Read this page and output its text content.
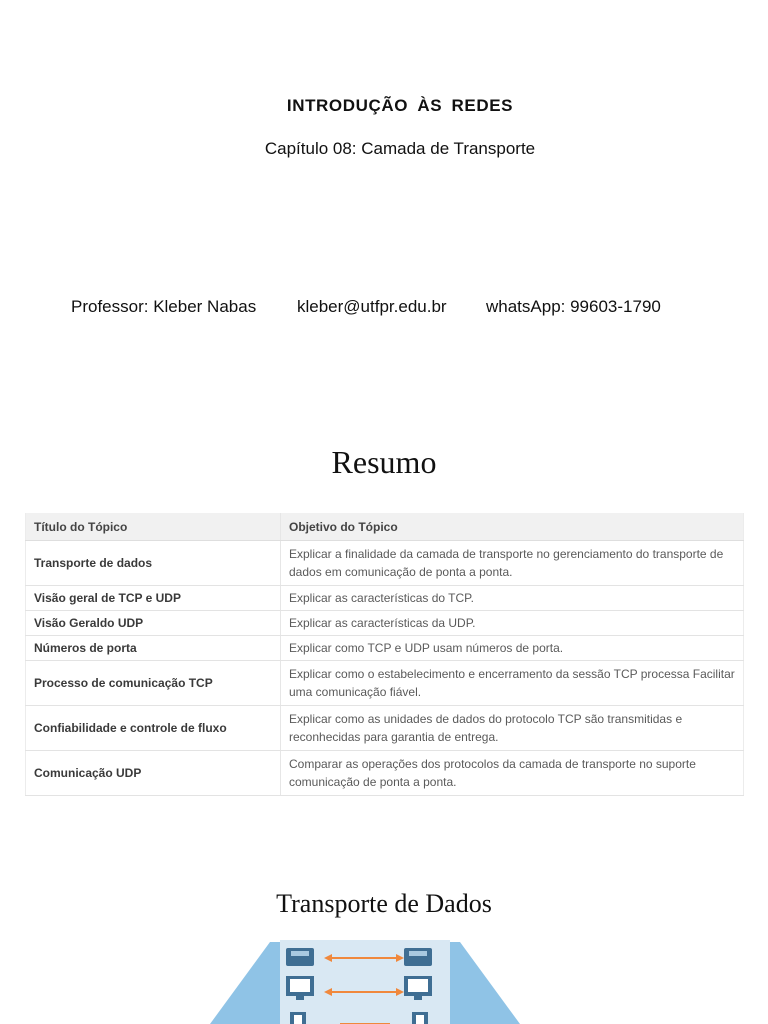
INTRODUÇÃO ÀS REDES
Capítulo 08: Camada de Transporte
Professor: Kleber Nabas kleber@utfpr.edu.br whatsApp: 99603-1790
Resumo
Título do Tópico	Objetivo do Tópico
Transporte de dados	Explicar a finalidade da camada de transporte no gerenciamento do transporte de dados em comunicação de ponta a ponta.
Visão geral de TCP e UDP	Explicar as características do TCP.
Visão Geraldo UDP	Explicar as características da UDP.
Números de porta	Explicar como TCP e UDP usam números de porta.
Processo de comunicação TCP	Explicar como o estabelecimento e encerramento da sessão TCP processa Facilitar uma comunicação fiável.
Confiabilidade e controle de fluxo	Explicar como as unidades de dados do protocolo TCP são transmitidas e reconhecidas para garantia de entrega.
Comunicação UDP	Comparar as operações dos protocolos da camada de transporte no suporte comunicação de ponta a ponta.
Transporte de Dados
